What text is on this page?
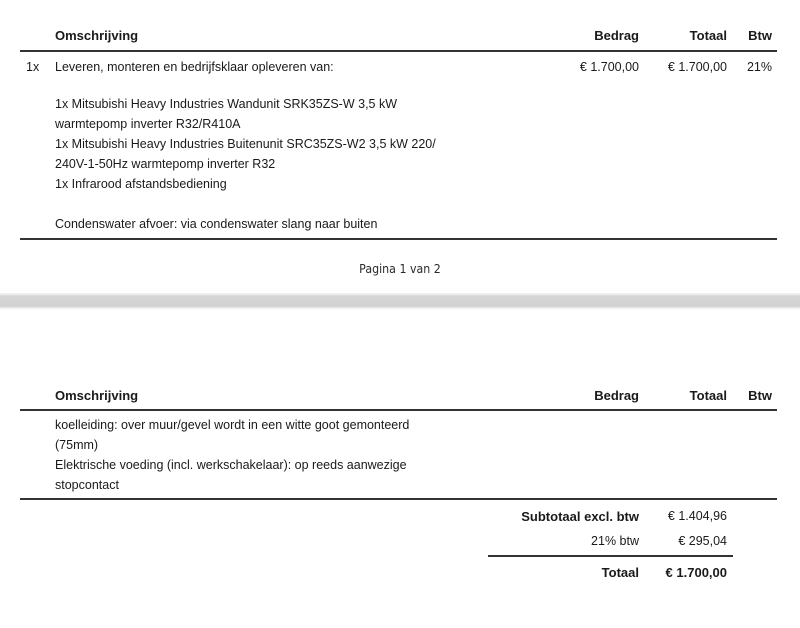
Omschrijving	Bedrag	Totaal Btw
1x Leveren, monteren en bedrijfsklaar opleveren van:	€ 1.700,00 € 1.700,00 21%
1x Mitsubishi Heavy Industries Wandunit SRK35ZS-W 3,5 kW
warmtepomp inverter R32/R410A
1x Mitsubishi Heavy Industries Buitenunit SRC35ZS-W2 3,5 kW 220/
240V-1-50Hz warmtepomp inverter R32
1x Infrarood afstandsbediening
Condenswater afvoer: via condenswater slang naar buiten
Pagina 1 van 2
Omschrijving	Bedrag	Totaal Btw
koelleiding: over muur/gevel wordt in een witte goot gemonteerd
(75mm)
Elektrische voeding (incl. werkschakelaar): op reeds aanwezige
stopcontact
Subtotaal excl. btw € 1.404,96
21% btw	€ 295,04
Totaal € 1.700,00
